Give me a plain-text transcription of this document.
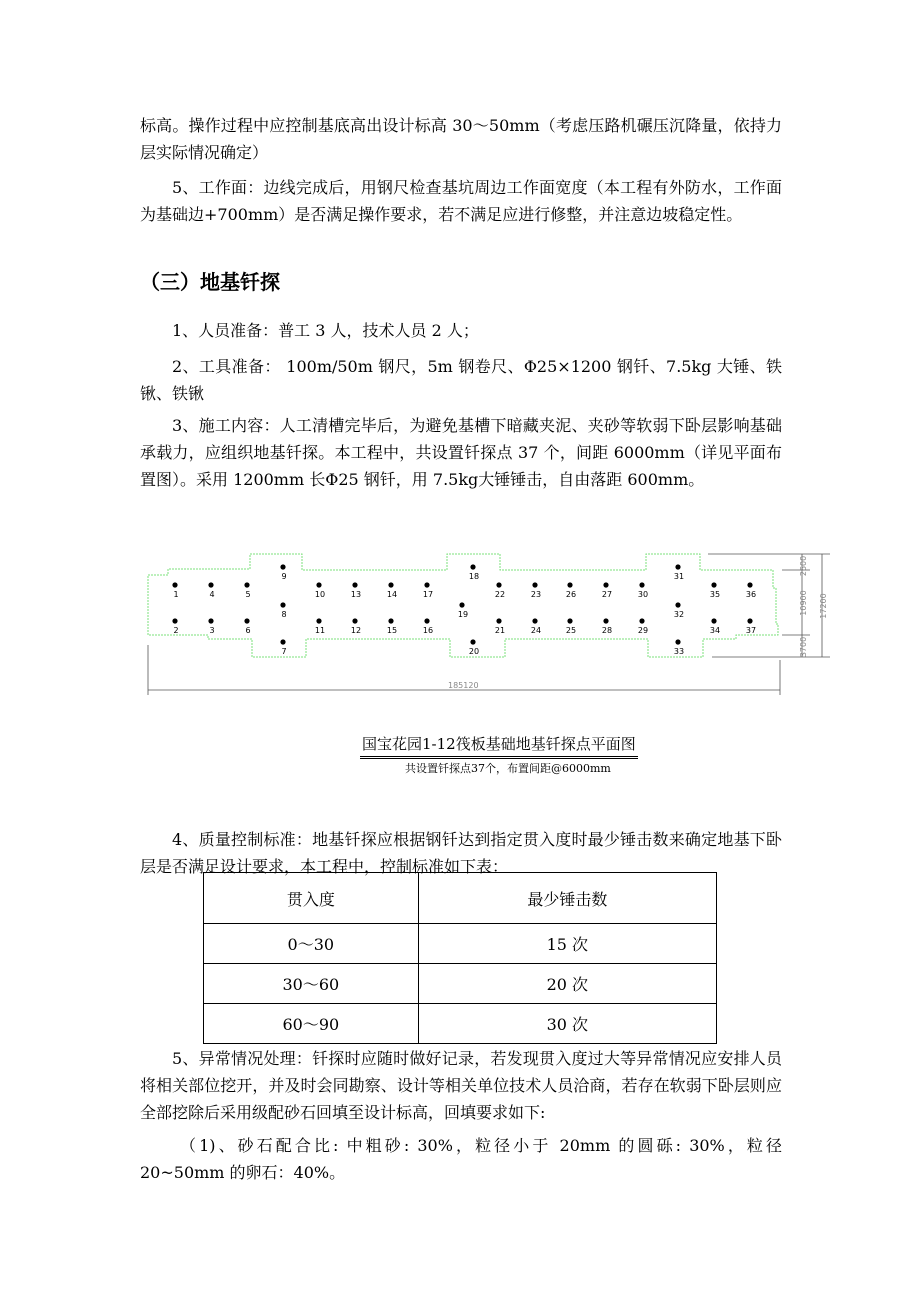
标高。操作过程中应控制基底高出设计标高 30～50mm（考虑压路机碾压沉降量，依持力层实际情况确定）

5、工作面：边线完成后，用钢尺检查基坑周边工作面宽度（本工程有外防水，工作面为基础边+700mm）是否满足操作要求，若不满足应进行修整，并注意边坡稳定性。

（三）地基钎探

1、人员准备：普工 3 人，技术人员 2 人；

2、工具准备： 100m/50m 钢尺，5m 钢卷尺、Φ25×1200 钢钎、7.5kg 大锤、铁锹、铁锹

3、施工内容：人工清槽完毕后，为避免基槽下暗藏夹泥、夹砂等软弱下卧层影响基础承载力，应组织地基钎探。本工程中，共设置钎探点 37 个，间距 6000mm（详见平面布置图）。采用 1200mm 长Φ25 钢钎，用 7.5kg大锤锤击，自由落距 600mm。

1
2	3
4	5
6
7
8
9
10
11	12
13	14
15	16
17
18
19
20
21
22	23
24	25
26	27
28	29
30
31
32
33
34
35	36
37
185120
2600
10900
3700
17200
国宝花园1-12筏板基础地基钎探点平面图
共设置钎探点37个，布置间距@6000mm

4、质量控制标准：地基钎探应根据钢钎达到指定贯入度时最少锤击数来确定地基下卧层是否满足设计要求，本工程中，控制标准如下表：

贯入度	最少锤击数
0～30	15 次
30～60	20 次
60～90	30 次

5、异常情况处理：钎探时应随时做好记录，若发现贯入度过大等异常情况应安排人员将相关部位挖开，并及时会同勘察、设计等相关单位技术人员洽商，若存在软弱下卧层则应全部挖除后采用级配砂石回填至设计标高，回填要求如下:

（1)、砂石配合比: 中粗砂: 30%，粒径小于 20mm 的圆砾: 30%，粒径 20~50mm 的卵石：40%。
